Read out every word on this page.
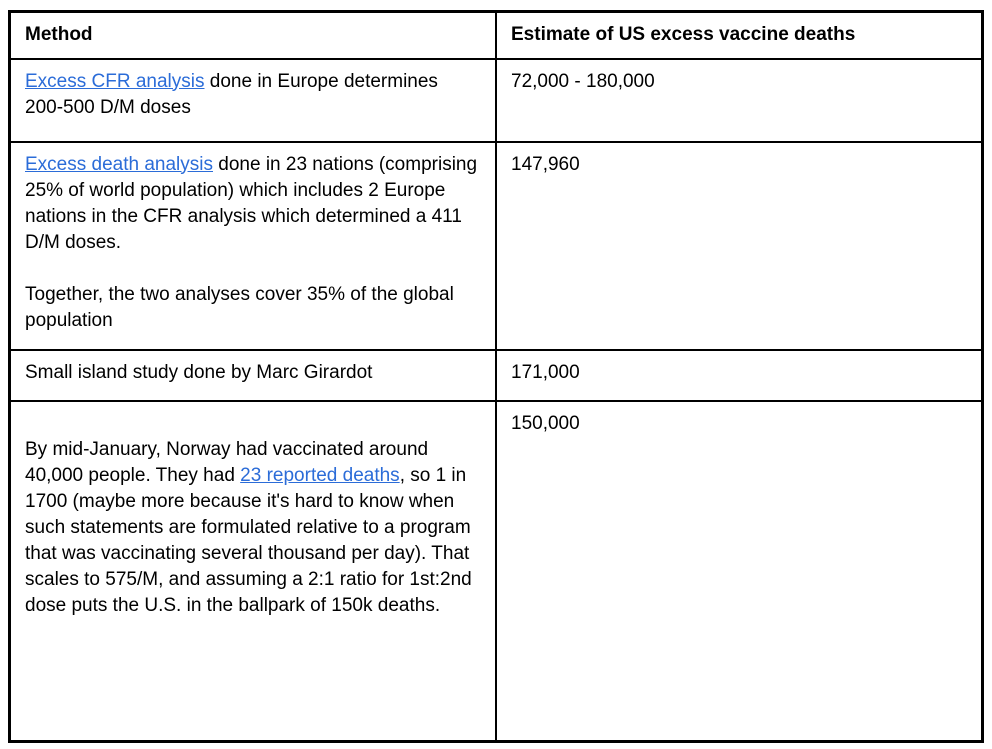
Method	Estimate of US excess vaccine deaths

Excess CFR analysis done in Europe determines 200-500 D/M doses	72,000 - 180,000

Excess death analysis done in 23 nations (comprising 25% of world population) which includes 2 Europe nations in the CFR analysis which determined a 411 D/M doses.
Together, the two analyses cover 35% of the global population	147,960

Small island study done by Marc Girardot	171,000

By mid-January, Norway had vaccinated around 40,000 people. They had 23 reported deaths, so 1 in 1700 (maybe more because it's hard to know when such statements are formulated relative to a program that was vaccinating several thousand per day). That scales to 575/M, and assuming a 2:1 ratio for 1st:2nd dose puts the U.S. in the ballpark of 150k deaths.	150,000
